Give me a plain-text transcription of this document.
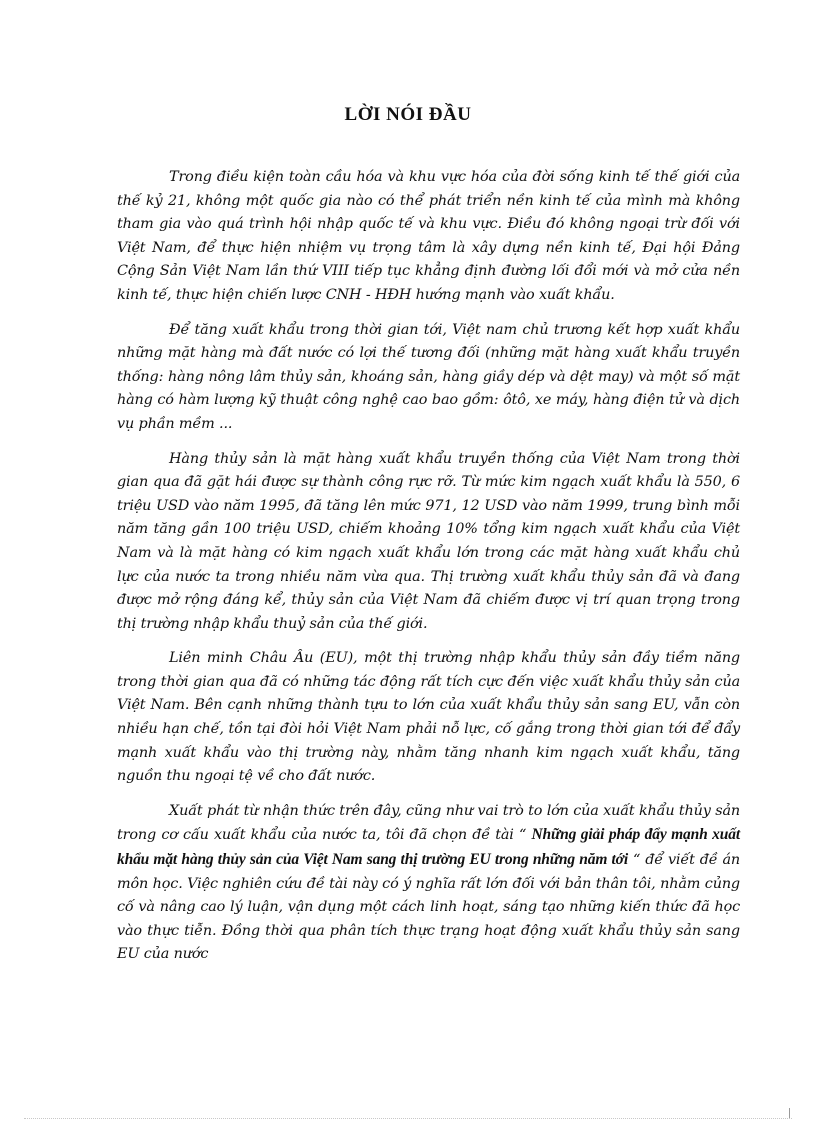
LỜI NÓI ĐẦU

Trong điều kiện toàn cầu hóa và khu vực hóa của đời sống kinh tế thế giới của thế kỷ 21, không một quốc gia nào có thể phát triển nền kinh tế của mình mà không tham gia vào quá trình hội nhập quốc tế và khu vực. Điều đó không ngoại trừ đối với Việt Nam, để thực hiện nhiệm vụ trọng tâm là xây dựng nền kinh tế, Đại hội Đảng Cộng Sản Việt Nam lần thứ VIII tiếp tục khẳng định đường lối đổi mới và mở cửa nền kinh tế, thực hiện chiến lược CNH - HĐH hướng mạnh vào xuất khẩu.

Để tăng xuất khẩu trong thời gian tới, Việt nam chủ trương kết hợp xuất khẩu những mặt hàng mà đất nước có lợi thế tương đối (những mặt hàng xuất khẩu truyền thống: hàng nông lâm thủy sản, khoáng sản, hàng giầy dép và dệt may) và một số mặt hàng có hàm lượng kỹ thuật công nghệ cao bao gồm: ôtô, xe máy, hàng điện tử và dịch vụ phần mềm ...

Hàng thủy sản là mặt hàng xuất khẩu truyền thống của Việt Nam trong thời gian qua đã gặt hái được sự thành công rực rỡ. Từ mức kim ngạch xuất khẩu là 550, 6 triệu USD vào năm 1995, đã tăng lên mức 971, 12 USD vào năm 1999, trung bình mỗi năm tăng gần 100 triệu USD, chiếm khoảng 10% tổng kim ngạch xuất khẩu của Việt Nam và là mặt hàng có kim ngạch xuất khẩu lớn trong các mặt hàng xuất khẩu chủ lực của nước ta trong nhiều năm vừa qua. Thị trường xuất khẩu thủy sản đã và đang được mở rộng đáng kể, thủy sản của Việt Nam đã chiếm được vị trí quan trọng trong thị trường nhập khẩu thuỷ sản của thế giới.

Liên minh Châu Âu (EU), một thị trường nhập khẩu thủy sản đầy tiềm năng trong thời gian qua đã có những tác động rất tích cực đến việc xuất khẩu thủy sản của Việt Nam. Bên cạnh những thành tựu to lớn của xuất khẩu thủy sản sang EU, vẫn còn nhiều hạn chế, tồn tại đòi hỏi Việt Nam phải nỗ lực, cố gắng trong thời gian tới để đẩy mạnh xuất khẩu vào thị trường này, nhằm tăng nhanh kim ngạch xuất khẩu, tăng nguồn thu ngoại tệ về cho đất nước.

Xuất phát từ nhận thức trên đây, cũng như vai trò to lớn của xuất khẩu thủy sản trong cơ cấu xuất khẩu của nước ta, tôi đã chọn đề tài “ Những giải pháp đẩy mạnh xuất khẩu mặt hàng thủy sản của Việt Nam sang thị trường EU trong những năm tới “ để viết đề án môn học. Việc nghiên cứu đề tài này có ý nghĩa rất lớn đối với bản thân tôi, nhằm củng cố và nâng cao lý luận, vận dụng một cách linh hoạt, sáng tạo những kiến thức đã học vào thực tiễn. Đồng thời qua phân tích thực trạng hoạt động xuất khẩu thủy sản sang EU của nước
